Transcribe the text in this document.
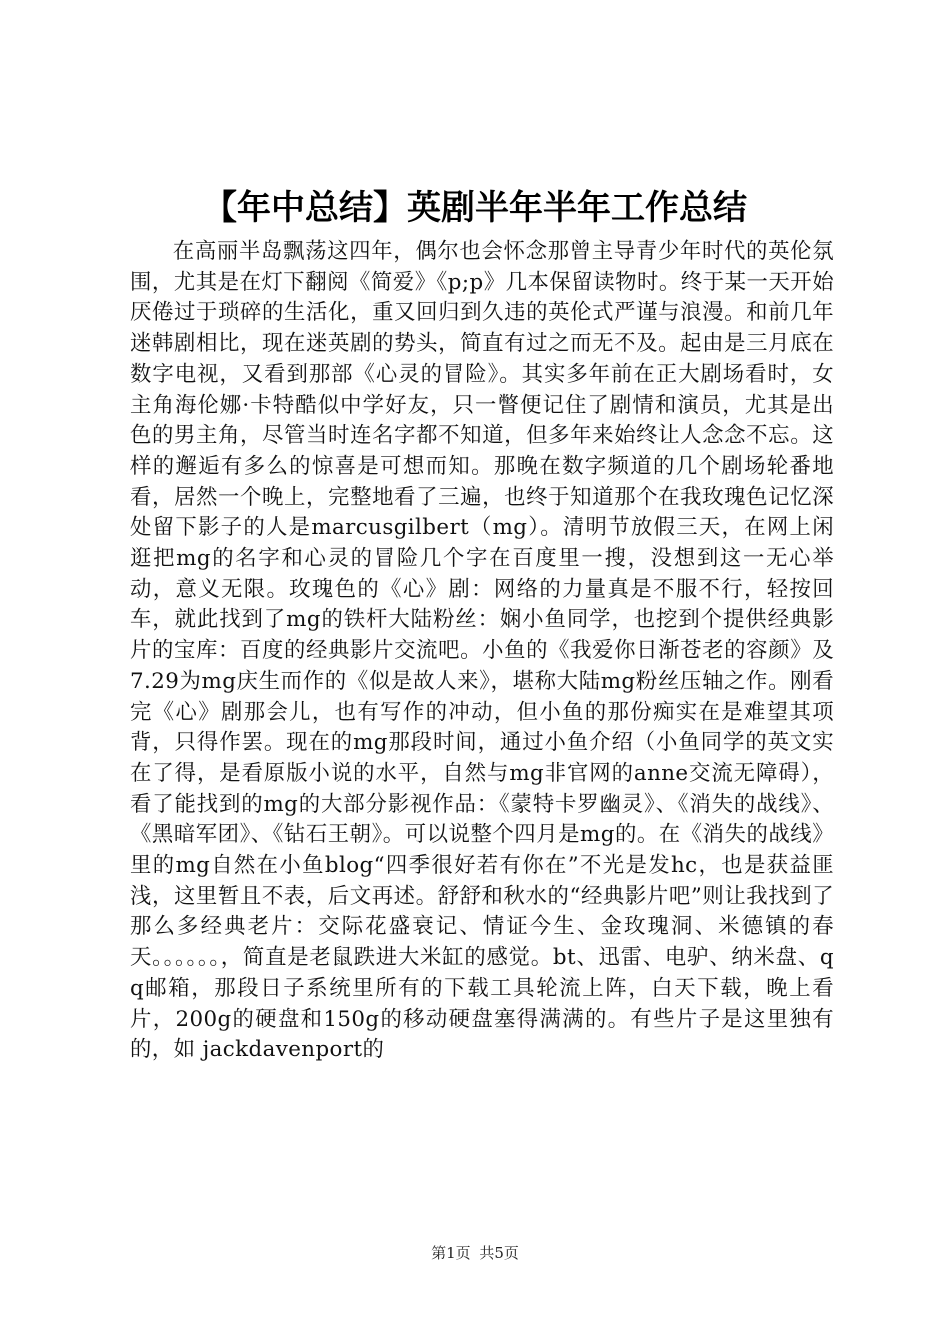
【年中总结】英剧半年半年工作总结

在高丽半岛飘荡这四年，偶尔也会怀念那曾主导青少年时代的英伦氛围，尤其是在灯下翻阅《简爱》《p;p》几本保留读物时。终于某一天开始厌倦过于琐碎的生活化，重又回归到久违的英伦式严谨与浪漫。和前几年迷韩剧相比，现在迷英剧的势头，简直有过之而无不及。起由是三月底在数字电视，又看到那部《心灵的冒险》。其实多年前在正大剧场看时，女主角海伦娜·卡特酷似中学好友，只一瞥便记住了剧情和演员，尤其是出色的男主角，尽管当时连名字都不知道，但多年来始终让人念念不忘。这样的邂逅有多么的惊喜是可想而知。那晚在数字频道的几个剧场轮番地看，居然一个晚上，完整地看了三遍，也终于知道那个在我玫瑰色记忆深处留下影子的人是marcusgilbert（mg）。清明节放假三天，在网上闲逛把mg的名字和心灵的冒险几个字在百度里一搜，没想到这一无心举动，意义无限。玫瑰色的《心》剧：网络的力量真是不服不行，轻按回车，就此找到了mg的铁杆大陆粉丝：娴小鱼同学，也挖到个提供经典影片的宝库：百度的经典影片交流吧。小鱼的《我爱你日渐苍老的容颜》及7.29为mg庆生而作的《似是故人来》，堪称大陆mg粉丝压轴之作。刚看完《心》剧那会儿，也有写作的冲动，但小鱼的那份痴实在是难望其项背，只得作罢。现在的mg那段时间，通过小鱼介绍（小鱼同学的英文实在了得，是看原版小说的水平，自然与mg非官网的anne交流无障碍），看了能找到的mg的大部分影视作品：《蒙特卡罗幽灵》、《消失的战线》、《黑暗军团》、《钻石王朝》。可以说整个四月是mg的。在《消失的战线》里的mg自然在小鱼blog“四季很好若有你在”不光是发hc，也是获益匪浅，这里暂且不表，后文再述。舒舒和秋水的“经典影片吧”则让我找到了那么多经典老片：交际花盛衰记、情证今生、金玫瑰洞、米德镇的春天。。。。。。，简直是老鼠跌进大米缸的感觉。bt、迅雷、电驴、纳米盘、qq邮箱，那段日子系统里所有的下载工具轮流上阵，白天下载，晚上看片，200g的硬盘和150g的移动硬盘塞得满满的。有些片子是这里独有的，如 jackdavenport的

第1页 共5页
